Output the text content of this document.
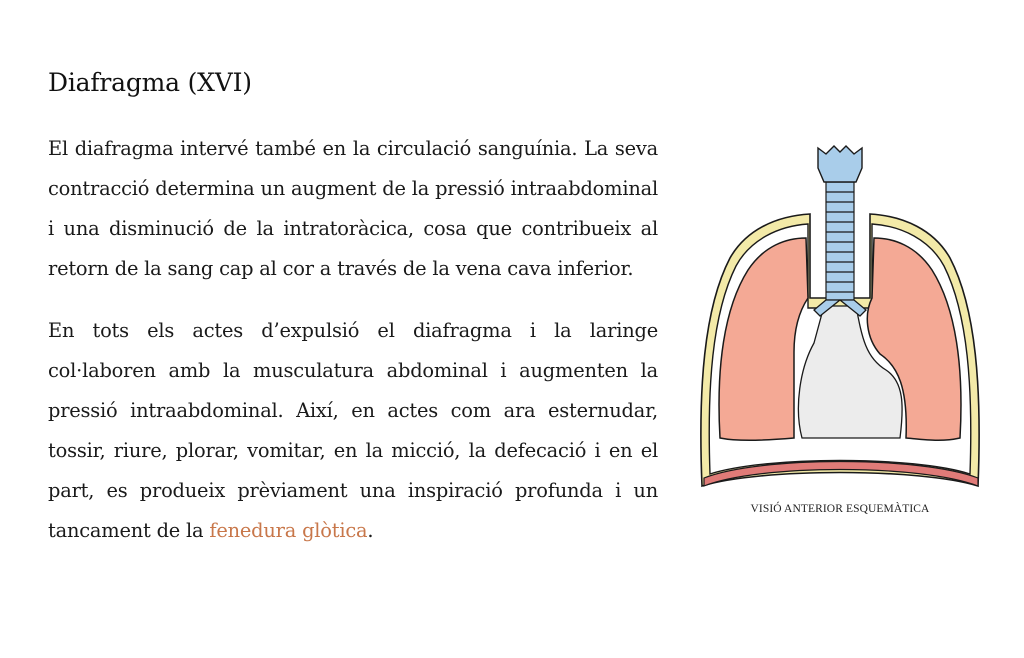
Diafragma (XVI)

El diafragma intervé també en la circulació sanguínia. La seva contracció determina un augment de la pressió intraabdominal i una disminució de la intratoràcica, cosa que contribueix al retorn de la sang cap al cor a través de la vena cava inferior.

En tots els actes d’expulsió el diafragma i la laringe col·laboren amb la musculatura abdominal i augmenten la pressió intraabdominal. Així, en actes com ara esternudar, tossir, riure, plorar, vomitar, en la micció, la defecació i en el part, es produeix prèviament una inspiració profunda i un tancament de la fenedura glòtica.

VISIÓ ANTERIOR ESQUEMÀTICA
